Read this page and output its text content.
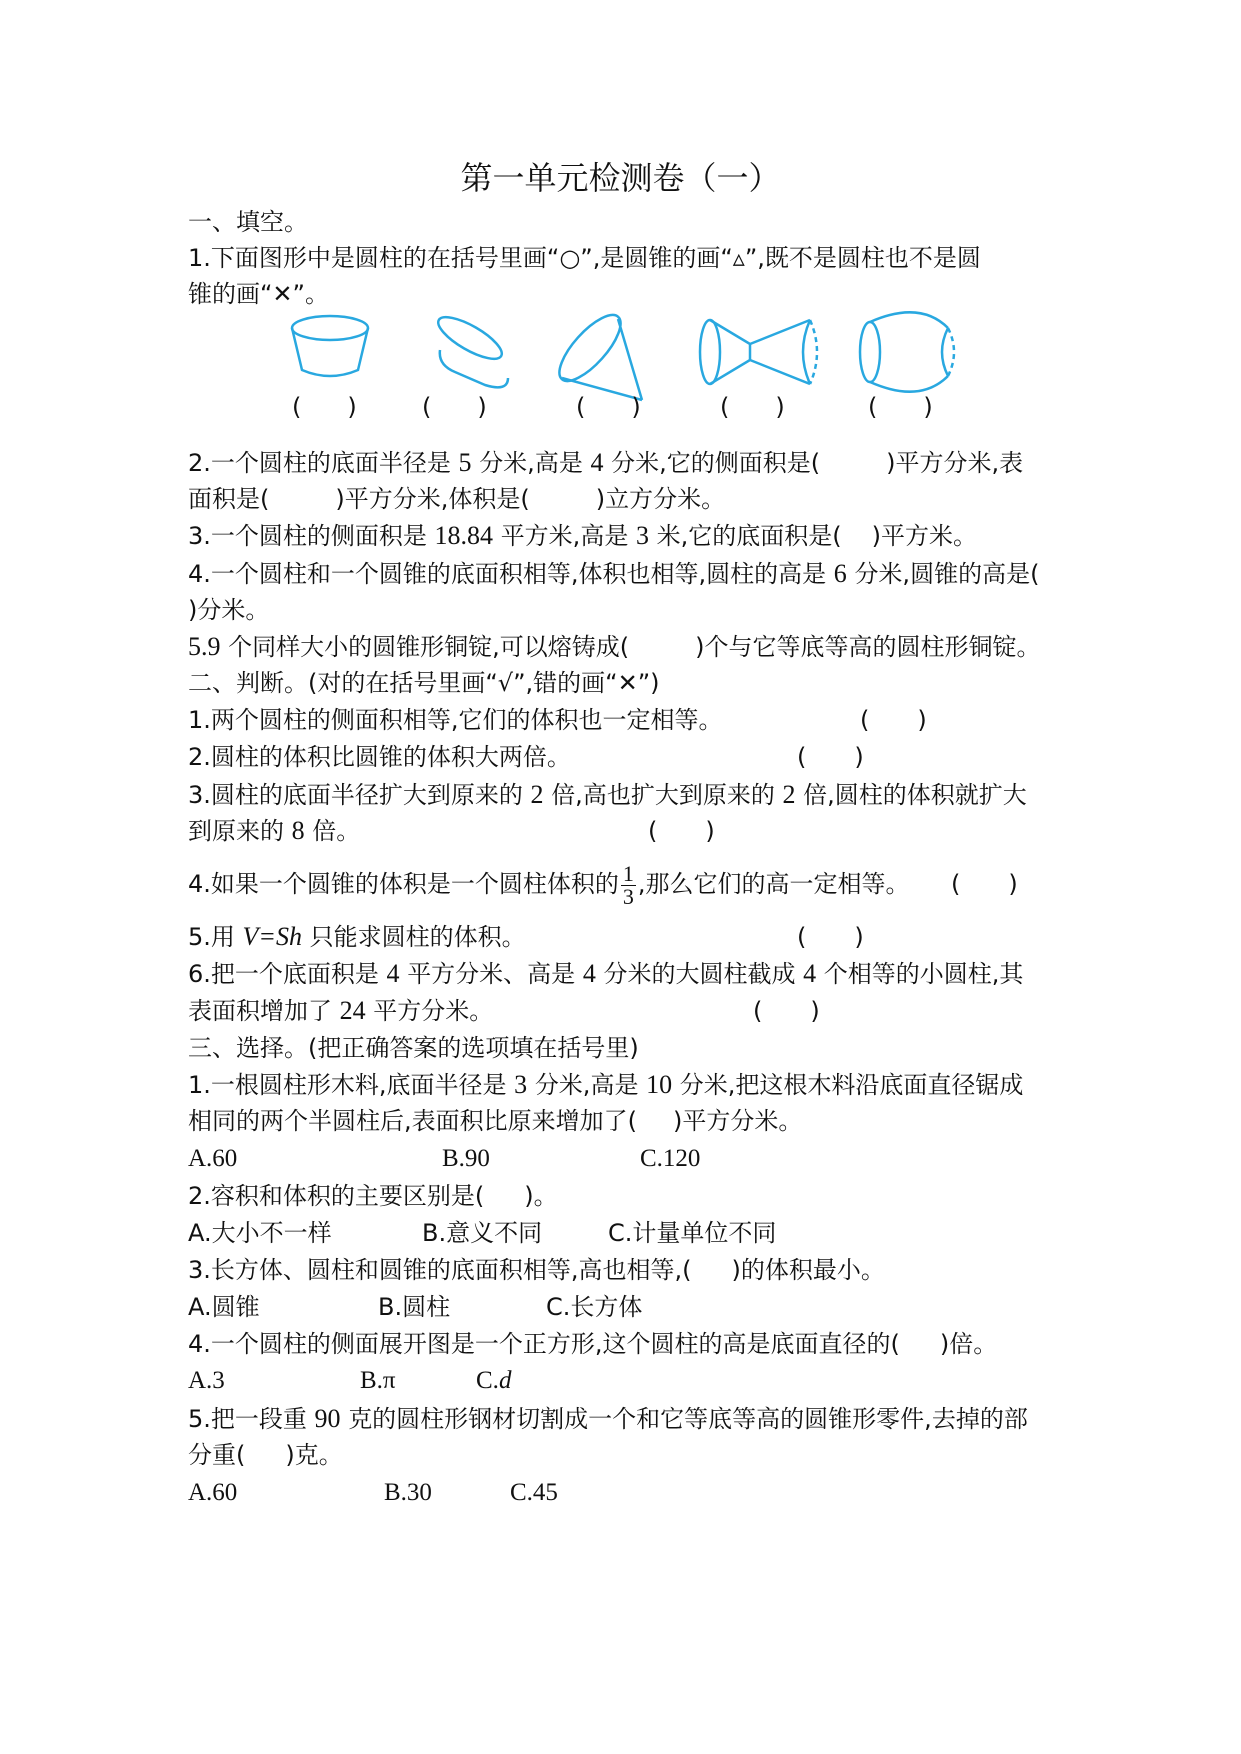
第一单元检测卷（一）
一、填空。
1.下面图形中是圆柱的在括号里画“○”,是圆锥的画“▵”,既不是圆柱也不是圆
锥的画“✕”。
( )	( )	( )	( )	( )
2.一个圆柱的底面半径是 5 分米,高是 4 分米,它的侧面积是(	)平方分米,表
面积是(	)平方分米,体积是(	)立方分米。
3.一个圆柱的侧面积是 18.84 平方米,高是 3 米,它的底面积是( )平方米。
4.一个圆柱和一个圆锥的底面积相等,体积也相等,圆柱的高是 6 分米,圆锥的高是(
)分米。
5.9 个同样大小的圆锥形铜锭,可以熔铸成(	)个与它等底等高的圆柱形铜锭。
二、判断。(对的在括号里画“√”,错的画“✕”)
1.两个圆柱的侧面积相等,它们的体积也一定相等。	(　　)
2.圆柱的体积比圆锥的体积大两倍。	(　　)
3.圆柱的底面半径扩大到原来的 2 倍,高也扩大到原来的 2 倍,圆柱的体积就扩大
到原来的 8 倍。	(　　)
4.如果一个圆锥的体积是一个圆柱体积的 $\frac{1}{3}$ ,那么它们的高一定相等。 (　　)
5.用 V=Sh 只能求圆柱的体积。	(　　)
6.把一个底面积是 4 平方分米、高是 4 分米的大圆柱截成 4 个相等的小圆柱,其
表面积增加了 24 平方分米。	(　　)
三、选择。(把正确答案的选项填在括号里)
1.一根圆柱形木料,底面半径是 3 分米,高是 10 分米,把这根木料沿底面直径锯成
相同的两个半圆柱后,表面积比原来增加了( )平方分米。
A.60	B.90	C.120
2.容积和体积的主要区别是( )。
A.大小不一样	B.意义不同	C.计量单位不同
3.长方体、圆柱和圆锥的底面积相等,高也相等,( )的体积最小。
A.圆锥	B.圆柱	C.长方体
4.一个圆柱的侧面展开图是一个正方形,这个圆柱的高是底面直径的( )倍。
A.3	B.π	C.d
5.把一段重 90 克的圆柱形钢材切割成一个和它等底等高的圆锥形零件,去掉的部
分重( )克。
A.60	B.30	C.45
